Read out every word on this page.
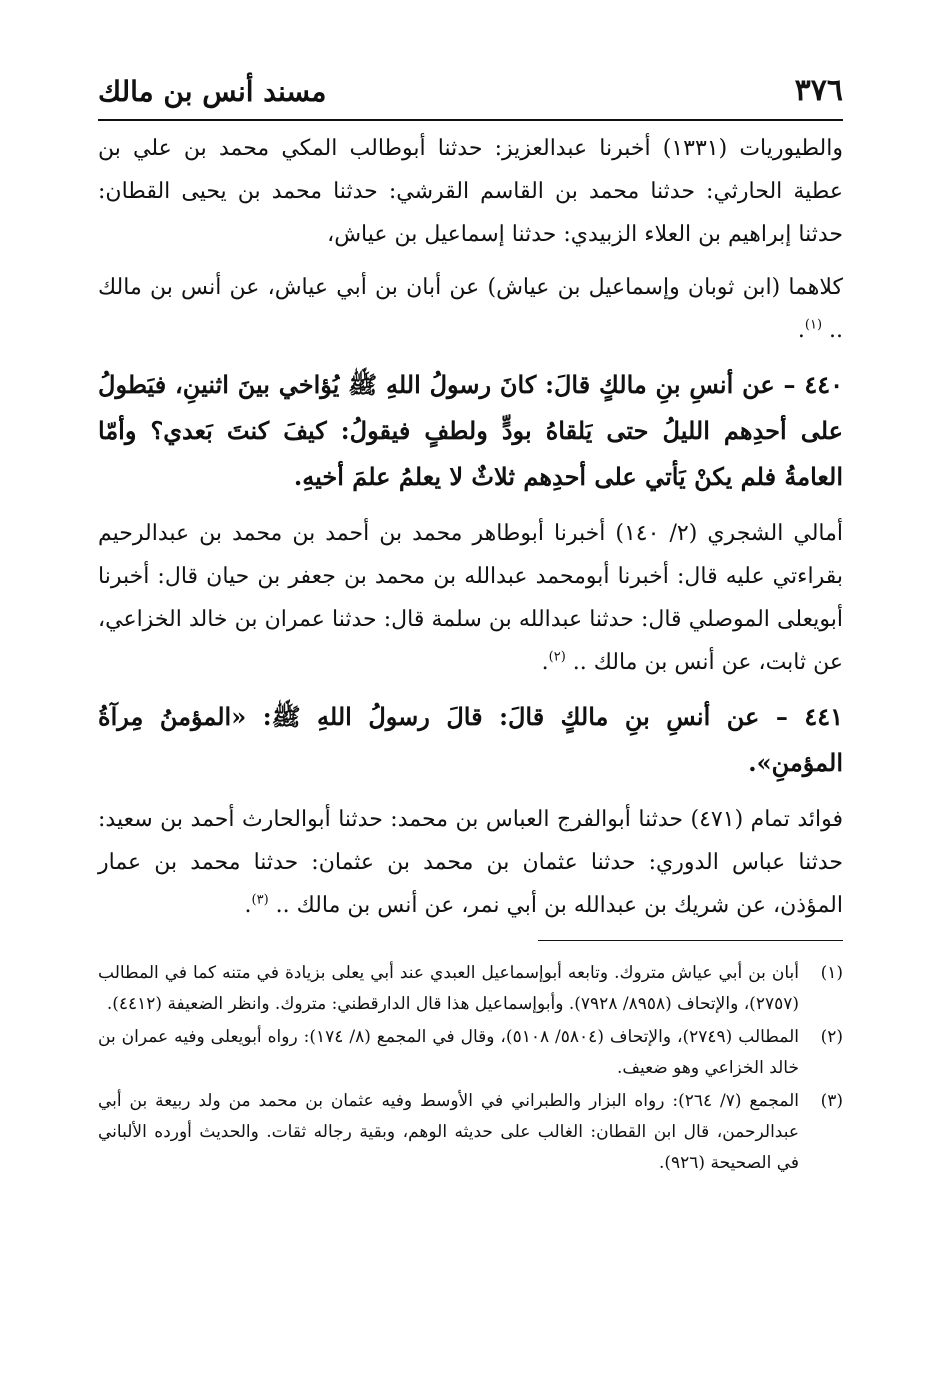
٣٧٦
مسند أنس بن مالك

والطيوريات (١٣٣١) أخبرنا عبدالعزيز: حدثنا أبوطالب المكي محمد بن علي بن عطية الحارثي: حدثنا محمد بن القاسم القرشي: حدثنا محمد بن يحيى القطان: حدثنا إبراهيم بن العلاء الزبيدي: حدثنا إسماعيل بن عياش،

كلاهما (ابن ثوبان وإسماعيل بن عياش) عن أبان بن أبي عياش، عن أنس بن مالك .. $^{(١)}$.

٤٤٠ – عن أنسِ بنِ مالكٍ قالَ: كانَ رسولُ اللهِ ﷺ يُؤاخي بينَ اثنينِ، فيَطولُ على أحدِهم الليلُ حتى يَلقاهُ بودٍّ ولطفٍ فيقولُ: كيفَ كنتَ بَعدي؟ وأمّا العامةُ فلم يكنْ يَأتي على أحدِهم ثلاثٌ لا يعلمُ علمَ أخيهِ.

أمالي الشجري (٢/ ١٤٠) أخبرنا أبوطاهر محمد بن أحمد بن محمد بن عبدالرحيم بقراءتي عليه قال: أخبرنا أبومحمد عبدالله بن محمد بن جعفر بن حيان قال: أخبرنا أبويعلى الموصلي قال: حدثنا عبدالله بن سلمة قال: حدثنا عمران بن خالد الخزاعي، عن ثابت، عن أنس بن مالك .. $^{(٢)}$.

٤٤١ – عن أنسِ بنِ مالكٍ قالَ: قالَ رسولُ اللهِ ﷺ: «المؤمنُ مِرآةُ المؤمنِ».

فوائد تمام (٤٧١) حدثنا أبوالفرج العباس بن محمد: حدثنا أبوالحارث أحمد بن سعيد: حدثنا عباس الدوري: حدثنا عثمان بن محمد بن عثمان: حدثنا محمد بن عمار المؤذن، عن شريك بن عبدالله بن أبي نمر، عن أنس بن مالك .. $^{(٣)}$.

(١)
أبان بن أبي عياش متروك. وتابعه أبوإسماعيل العبدي عند أبي يعلى بزيادة في متنه كما في المطالب (٢٧٥٧)، والإتحاف (٨٩٥٨/ ٧٩٢٨). وأبوإسماعيل هذا قال الدارقطني: متروك. وانظر الضعيفة (٤٤١٢).
(٢)
المطالب (٢٧٤٩)، والإتحاف (٥٨٠٤/ ٥١٠٨)، وقال في المجمع (٨/ ١٧٤): رواه أبويعلى وفيه عمران بن خالد الخزاعي وهو ضعيف.
(٣)
المجمع (٧/ ٢٦٤): رواه البزار والطبراني في الأوسط وفيه عثمان بن محمد من ولد ربيعة بن أبي عبدالرحمن، قال ابن القطان: الغالب على حديثه الوهم، وبقية رجاله ثقات. والحديث أورده الألباني في الصحيحة (٩٢٦).
